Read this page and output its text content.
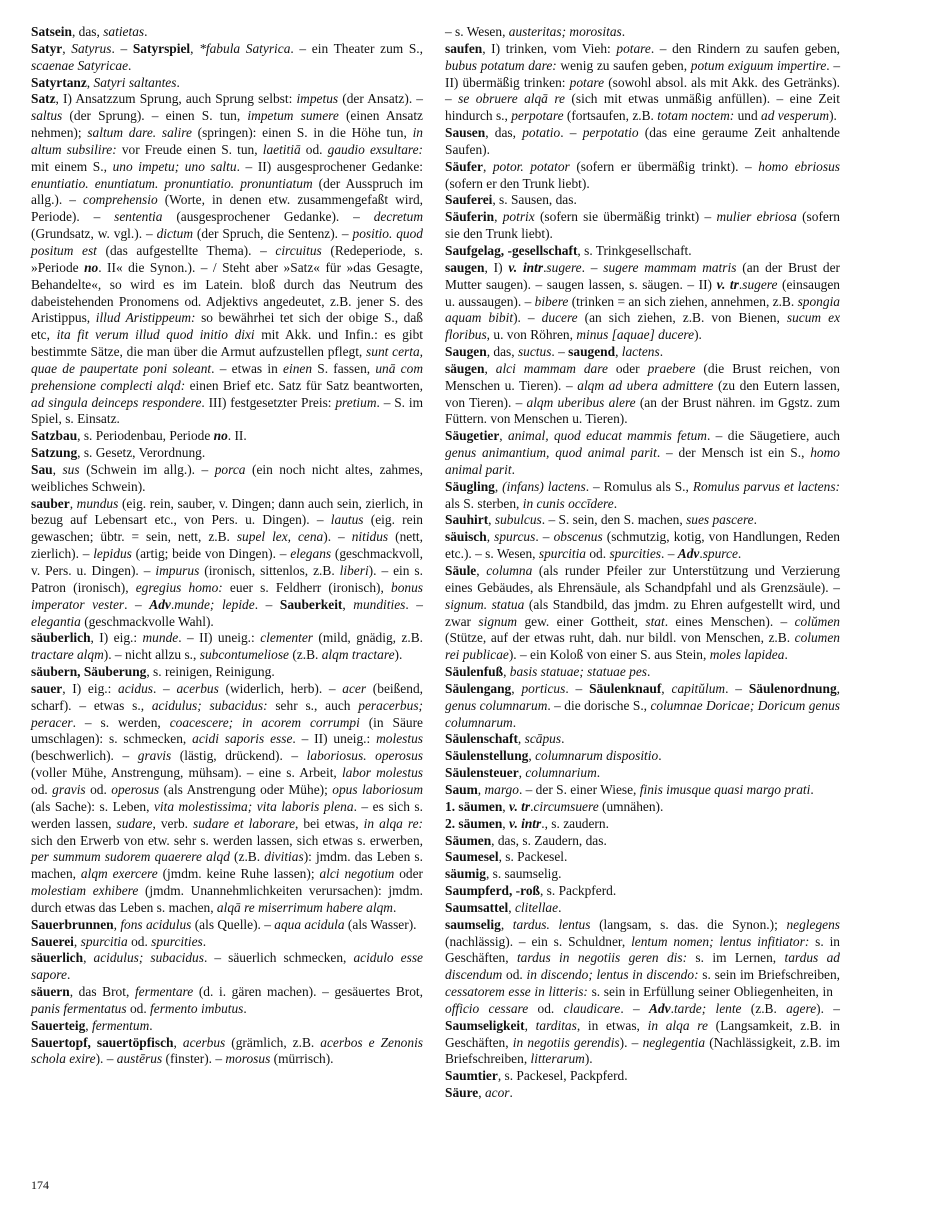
Satsein, das, satietas.

Satyr, Satyrus. – Satyrspiel, *fabula Satyrica. – ein Theater zum S., scaenae Satyricae.

Satyrtanz, Satyri saltantes.

Satz, I) Ansatzzum Sprung, auch Sprung selbst: impetus (der Ansatz). – saltus (der Sprung). – einen S. tun, impetum sumere (einen Ansatz nehmen); saltum dare. salire (springen): einen S. in die Höhe tun, in altum subsilire: vor Freude einen S. tun, laetitiā od. gaudio exsultare: mit einem S., uno impetu; uno saltu. – II) ausgesprochener Gedanke: enuntiatio. enuntiatum. pronuntiatio. pronuntiatum (der Ausspruch im allg.). – comprehensio (Worte, in denen etw. zusammengefaßt wird, Periode). – sententia (ausgesprochener Gedanke). – decretum (Grundsatz, w. vgl.). – dictum (der Spruch, die Sentenz). – positio. quod positum est (das aufgestellte Thema). – circuitus (Redeperiode, s. »Periode no. II« die Synon.). – / Steht aber »Satz« für »das Gesagte, Behandelte«, so wird es im Latein. bloß durch das Neutrum des dabeistehenden Pronomens od. Adjektivs angedeutet, z.B. jener S. des Aristippus, illud Aristippeum: so bewährhei tet sich der obige S., daß etc, ita fit verum illud quod initio dixi mit Akk. und Infin.: es gibt bestimmte Sätze, die man über die Armut aufzustellen pflegt, sunt certa, quae de paupertate poni soleant. – etwas in einen S. fassen, unā com prehensione complecti alqd: einen Brief etc. Satz für Satz beantworten, ad singula deinceps respondere. III) festgesetzter Preis: pretium. – S. im Spiel, s. Einsatz.

Satzbau, s. Periodenbau, Periode no. II.

Satzung, s. Gesetz, Verordnung.

Sau, sus (Schwein im allg.). – porca (ein noch nicht altes, zahmes, weibliches Schwein).

sauber, mundus (eig. rein, sauber, v. Dingen; dann auch sein, zierlich, in bezug auf Lebensart etc., von Pers. u. Dingen). – lautus (eig. rein gewaschen; übtr. = sein, nett, z.B. supel lex, cena). – nitidus (nett, zierlich). – lepidus (artig; beide von Dingen). – elegans (geschmackvoll, v. Pers. u. Dingen). – impurus (ironisch, sittenlos, z.B. liberi). – ein s. Patron (ironisch), egregius homo: euer s. Feldherr (ironisch), bonus imperator vester. – Adv.munde; lepide. – Sauberkeit, mundities. – elegantia (geschmackvolle Wahl).

säuberlich, I) eig.: munde. – II) uneig.: clementer (mild, gnädig, z.B. tractare alqm). – nicht allzu s., subcontumeliose (z.B. alqm tractare).

säubern, Säuberung, s. reinigen, Reinigung.

sauer, I) eig.: acidus. – acerbus (widerlich, herb). – acer (beißend, scharf). – etwas s., acidulus; subacidus: sehr s., auch peracerbus; peracer. – s. werden, coacescere; in acorem corrumpi (in Säure umschlagen): s. schmecken, acidi saporis esse. – II) uneig.: molestus (beschwerlich). – gravis (lästig, drückend). – laboriosus. operosus (voller Mühe, Anstrengung, mühsam). – eine s. Arbeit, labor molestus od. gravis od. operosus (als Anstrengung oder Mühe); opus laboriosum (als Sache): s. Leben, vita molestissima; vita laboris plena. – es sich s. werden lassen, sudare, verb. sudare et laborare, bei etwas, in alqa re: sich den Erwerb von etw. sehr s. werden lassen, sich etwas s. erwerben, per summum sudorem quaerere alqd (z.B. divitias): jmdm. das Leben s. machen, alqm exercere (jmdm. keine Ruhe lassen); alci negotium oder molestiam exhibere (jmdm. Unannehmlichkeiten verursachen): jmdm. durch etwas das Leben s. machen, alqā re miserrimum habere alqm.

Sauerbrunnen, fons acidulus (als Quelle). – aqua acidula (als Wasser).

Sauerei, spurcitia od. spurcities.

säuerlich, acidulus; subacidus. – säuerlich schmecken, acidulo esse sapore.

säuern, das Brot, fermentare (d. i. gären machen). – gesäuertes Brot, panis fermentatus od. fermento imbutus.

Sauerteig, fermentum.

Sauertopf, sauertöpfisch, acerbus (grämlich, z.B. acerbos e Zenonis schola exire). – austērus (finster). – morosus (mürrisch).

– s. Wesen, austeritas; morositas.

saufen, I) trinken, vom Vieh: potare. – den Rindern zu saufen geben, bubus potatum dare: wenig zu saufen geben, potum exiguum impertire. – II) übermäßig trinken: potare (sowohl absol. als mit Akk. des Getränks). – se obruere alqā re (sich mit etwas unmäßig anfüllen). – eine Zeit hindurch s., perpotare (fortsaufen, z.B. totam noctem: und ad vesperum).

Sausen, das, potatio. – perpotatio (das eine geraume Zeit anhaltende Saufen).

Säufer, potor. potator (sofern er übermäßig trinkt). – homo ebriosus (sofern er den Trunk liebt).

Sauferei, s. Sausen, das.

Säuferin, potrix (sofern sie übermäßig trinkt) – mulier ebriosa (sofern sie den Trunk liebt).

Saufgelag, -gesellschaft, s. Trinkgesellschaft.

saugen, I) v. intr.sugere. – sugere mammam matris (an der Brust der Mutter saugen). – saugen lassen, s. säugen. – II) v. tr.sugere (einsaugen u. aussaugen). – bibere (trinken = an sich ziehen, annehmen, z.B. spongia aquam bibit). – ducere (an sich ziehen, z.B. von Bienen, sucum ex floribus, u. von Röhren, minus [aquae] ducere).

Saugen, das, suctus. – saugend, lactens.

säugen, alci mammam dare oder praebere (die Brust reichen, von Menschen u. Tieren). – alqm ad ubera admittere (zu den Eutern lassen, von Tieren). – alqm uberibus alere (an der Brust nähren. im Ggstz. zum Füttern. von Menschen u. Tieren).

Säugetier, animal, quod educat mammis fetum. – die Säugetiere, auch genus animantium, quod animal parit. – der Mensch ist ein S., homo animal parit.

Säugling, (infans) lactens. – Romulus als S., Romulus parvus et lactens: als S. sterben, in cunis occīdere.

Sauhirt, subulcus. – S. sein, den S. machen, sues pascere.

säuisch, spurcus. – obscenus (schmutzig, kotig, von Handlungen, Reden etc.). – s. Wesen, spurcitia od. spurcities. – Adv.spurce.

Säule, columna (als runder Pfeiler zur Unterstützung und Verzierung eines Gebäudes, als Ehrensäule, als Schandpfahl und als Grenzsäule). – signum. statua (als Standbild, das jmdm. zu Ehren aufgestellt wird, und zwar signum gew. einer Gottheit, stat. eines Menschen). – colŭmen (Stütze, auf der etwas ruht, dah. nur bildl. von Menschen, z.B. columen rei publicae). – ein Koloß von einer S. aus Stein, moles lapidea.

Säulenfuß, basis statuae; statuae pes.

Säulengang, porticus. – Säulenknauf, capitŭlum. – Säulenordnung, genus columnarum. – die dorische S., columnae Doricae; Doricum genus columnarum.

Säulenschaft, scāpus.

Säulenstellung, columnarum dispositio.

Säulensteuer, columnarium.

Saum, margo. – der S. einer Wiese, finis imusque quasi margo prati.

1. säumen, v. tr.circumsuere (umnähen).

2. säumen, v. intr., s. zaudern.

Säumen, das, s. Zaudern, das.

Saumesel, s. Packesel.

säumig, s. saumselig.

Saumpferd, -roß, s. Packpferd.

Saumsattel, clitellae.

saumselig, tardus. lentus (langsam, s. das. die Synon.); neglegens (nachlässig). – ein s. Schuldner, lentum nomen; lentus infitiator: s. in Geschäften, tardus in negotiis geren dis: s. im Lernen, tardus ad discendum od. in discendo; lentus in discendo: s. sein im Briefschreiben, cessatorem esse in litteris: s. sein in Erfüllung seiner Obliegenheiten, in   officio cessare od. claudicare. – Adv.tarde; lente (z.B. agere). – Saumseligkeit, tarditas, in etwas, in alqa re (Langsamkeit, z.B. in Geschäften, in negotiis gerendis). – neglegentia (Nachlässigkeit, z.B. im Briefschreiben, litterarum).

Saumtier, s. Packesel, Packpferd.

Säure, acor.

174
